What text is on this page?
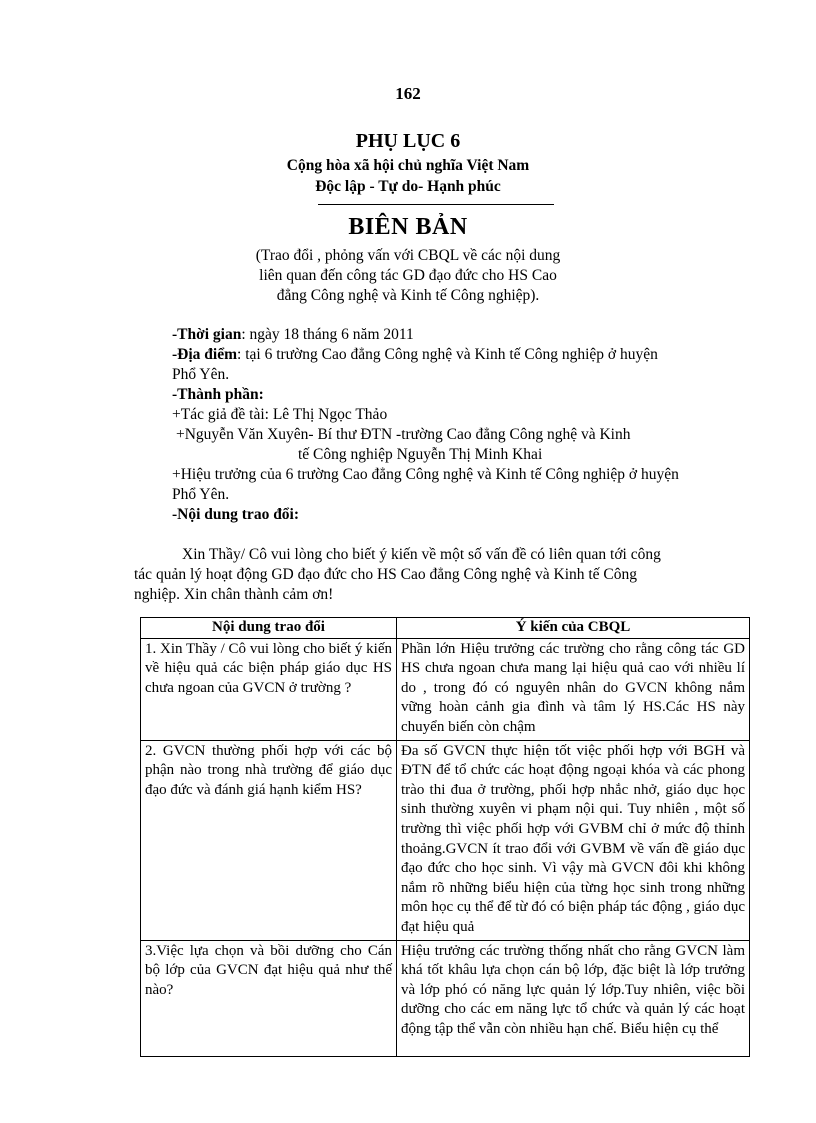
162
PHỤ LỤC 6
Cộng hòa xã hội chủ nghĩa Việt Nam
Độc lập - Tự do- Hạnh phúc
BIÊN BẢN
(Trao đổi , phỏng vấn với CBQL về các nội dung
liên quan đến công tác GD đạo đức cho HS Cao
đẳng Công nghệ và Kinh tế Công nghiệp).
-Thời gian: ngày 18 tháng 6 năm 2011
-Địa điểm: tại 6 trường Cao đẳng Công nghệ và Kinh tế Công nghiệp ở huyện
Phổ Yên.
-Thành phần:
+Tác giả đề tài: Lê Thị Ngọc Thảo
+Nguyễn Văn Xuyên- Bí thư ĐTN -trường Cao đẳng Công nghệ và Kinh
tế Công nghiệp Nguyễn Thị Minh Khai
+Hiệu trưởng của 6 trường Cao đẳng Công nghệ và Kinh tế Công nghiệp ở huyện
Phổ Yên.
-Nội dung trao đổi:
Xin Thầy/ Cô vui lòng cho biết ý kiến về một số vấn đề có liên quan tới công
tác quản lý hoạt động GD đạo đức cho HS Cao đẳng Công nghệ và Kinh tế Công
nghiệp. Xin chân thành cảm ơn!
Nội dung trao đổi	Ý kiến của CBQL
1. Xin Thầy / Cô vui lòng cho biết ý kiến về hiệu quả các biện pháp giáo dục HS chưa ngoan của GVCN ở trường ?	Phần lớn Hiệu trưởng các trường cho rằng công tác GD HS chưa ngoan chưa mang lại hiệu quả cao với nhiều lí do , trong đó có nguyên nhân do GVCN không nắm vững hoàn cảnh gia đình và tâm lý HS.Các HS này chuyển biến còn chậm
2. GVCN thường phối hợp với các bộ phận nào trong nhà trường để giáo dục đạo đức và đánh giá hạnh kiểm HS?	Đa số GVCN thực hiện tốt việc phối hợp với BGH và ĐTN để tổ chức các hoạt động ngoại khóa và các phong trào thi đua ở trường, phối hợp nhắc nhở, giáo dục học sinh thường xuyên vi phạm nội qui. Tuy nhiên , một số trường thì việc phối hợp với GVBM chỉ ở mức độ thỉnh thoảng.GVCN ít trao đổi với GVBM về vấn đề giáo dục đạo đức cho học sinh. Vì vậy mà GVCN đôi khi không nắm rõ những biểu hiện của từng học sinh trong những môn học cụ thể để từ đó có biện pháp tác động , giáo dục đạt hiệu quả
3.Việc lựa chọn và bồi dưỡng cho Cán bộ lớp của GVCN đạt hiệu quả như thế nào?	Hiệu trưởng các trường thống nhất cho rằng GVCN làm khá tốt khâu lựa chọn cán bộ lớp, đặc biệt là lớp trưởng và lớp phó có năng lực quản lý lớp.Tuy nhiên, việc bồi dưỡng cho các em năng lực tổ chức và quản lý các hoạt động tập thể vẫn còn nhiều hạn chế. Biểu hiện cụ thể
